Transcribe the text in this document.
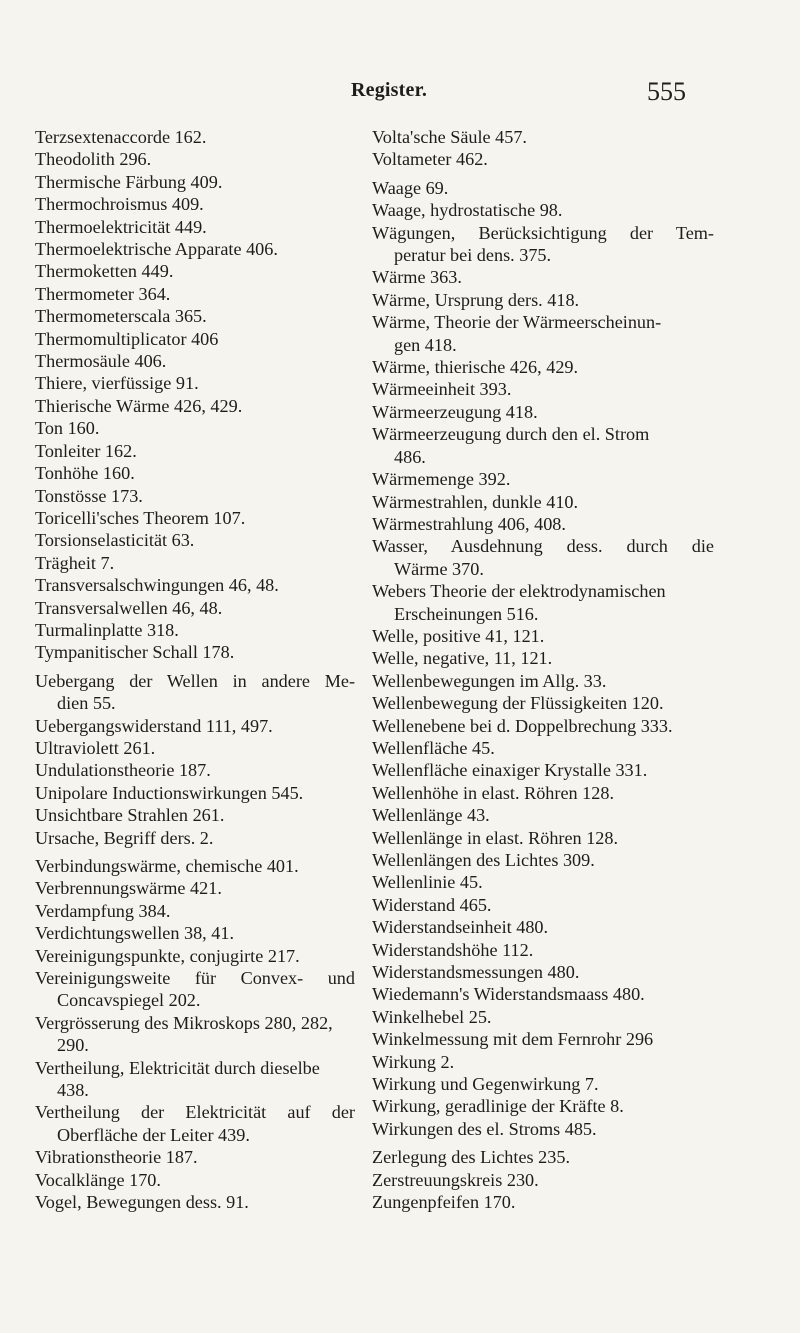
Register.	555
Terzsextenaccorde 162.
Theodolith 296.
Thermische Färbung 409.
Thermochroismus 409.
Thermoelektricität 449.
Thermoelektrische Apparate 406.
Thermoketten 449.
Thermometer 364.
Thermometerscala 365.
Thermomultiplicator 406
Thermosäule 406.
Thiere, vierfüssige 91.
Thierische Wärme 426, 429.
Ton 160.
Tonleiter 162.
Tonhöhe 160.
Tonstösse 173.
Toricelli'sches Theorem 107.
Torsionselasticität 63.
Trägheit 7.
Transversalschwingungen 46, 48.
Transversalwellen 46, 48.
Turmalinplatte 318.
Tympanitischer Schall 178.
Uebergang der Wellen in andere Me-
dien 55.
Uebergangswiderstand 111, 497.
Ultraviolett 261.
Undulationstheorie 187.
Unipolare Inductionswirkungen 545.
Unsichtbare Strahlen 261.
Ursache, Begriff ders. 2.
Verbindungswärme, chemische 401.
Verbrennungswärme 421.
Verdampfung 384.
Verdichtungswellen 38, 41.
Vereinigungspunkte, conjugirte 217.
Vereinigungsweite für Convex- und
Concavspiegel 202.
Vergrösserung des Mikroskops 280, 282,
290.
Vertheilung, Elektricität durch dieselbe
438.
Vertheilung der Elektricität auf der
Oberfläche der Leiter 439.
Vibrationstheorie 187.
Vocalklänge 170.
Vogel, Bewegungen dess. 91.
Volta'sche Säule 457.
Voltameter 462.
Waage 69.
Waage, hydrostatische 98.
Wägungen, Berücksichtigung der Tem-
peratur bei dens. 375.
Wärme 363.
Wärme, Ursprung ders. 418.
Wärme, Theorie der Wärmeerscheinun-
gen 418.
Wärme, thierische 426, 429.
Wärmeeinheit 393.
Wärmeerzeugung 418.
Wärmeerzeugung durch den el. Strom
486.
Wärmemenge 392.
Wärmestrahlen, dunkle 410.
Wärmestrahlung 406, 408.
Wasser, Ausdehnung dess. durch die
Wärme 370.
Webers Theorie der elektrodynamischen
Erscheinungen 516.
Welle, positive 41, 121.
Welle, negative, 11, 121.
Wellenbewegungen im Allg. 33.
Wellenbewegung der Flüssigkeiten 120.
Wellenebene bei d. Doppelbrechung 333.
Wellenfläche 45.
Wellenfläche einaxiger Krystalle 331.
Wellenhöhe in elast. Röhren 128.
Wellenlänge 43.
Wellenlänge in elast. Röhren 128.
Wellenlängen des Lichtes 309.
Wellenlinie 45.
Widerstand 465.
Widerstandseinheit 480.
Widerstandshöhe 112.
Widerstandsmessungen 480.
Wiedemann's Widerstandsmaass 480.
Winkelhebel 25.
Winkelmessung mit dem Fernrohr 296
Wirkung 2.
Wirkung und Gegenwirkung 7.
Wirkung, geradlinige der Kräfte 8.
Wirkungen des el. Stroms 485.
Zerlegung des Lichtes 235.
Zerstreuungskreis 230.
Zungenpfeifen 170.
